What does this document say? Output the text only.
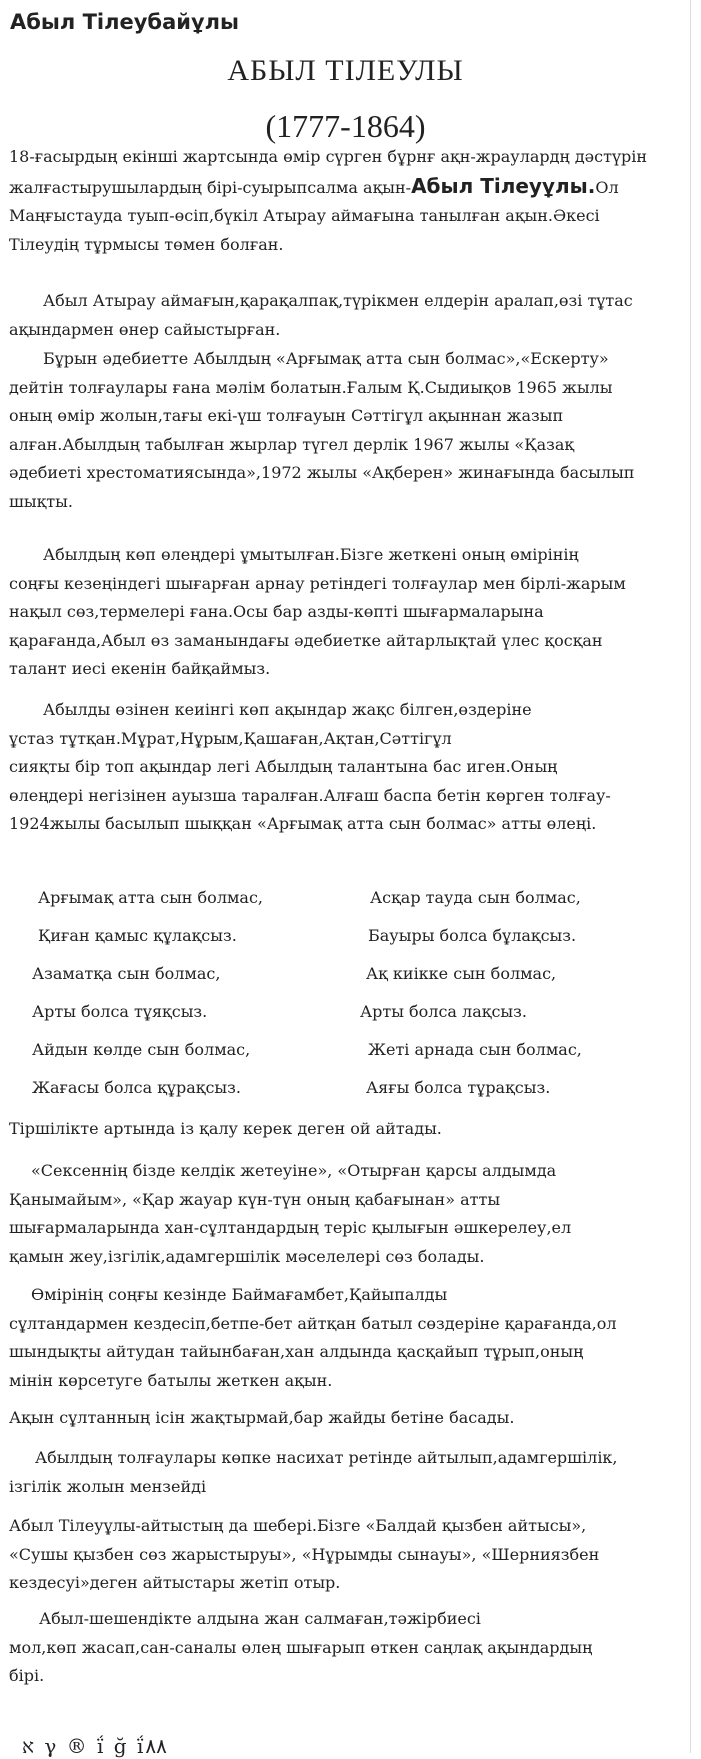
Абыл Тілеубайұлы
АБЫЛ ТІЛЕУЛЫ
(1777-1864)

18-ғасырдың екінші жартсында өмір сүрген бұрнғ ақн-жраулардң дәстүрін
жалғастырушылардың бірі-суырыпсалма ақын-Абыл Тілеуұлы.Ол
Маңғыстауда туып-өсіп,бүкіл Атырау аймағына танылған ақын.Әкесі
Тілеудің тұрмысы төмен болған.

Абыл Атырау аймағын,қарақалпақ,түрікмен елдерін аралап,өзі тұтас
ақындармен өнер сайыстырған.

Бұрын әдебиетте Абылдың «Арғымақ атта сын болмас»,«Ескерту»
дейтін толғаулары ғана мәлім болатын.Ғалым Қ.Сыдиықов 1965 жылы
оның өмір жолын,тағы екі-үш толғауын Сәттігұл ақыннан жазып
алған.Абылдың табылған жырлар түгел дерлік 1967 жылы «Қазақ
әдебиеті хрестоматиясында»,1972 жылы «Ақберен» жинағында басылып
шықты.

Абылдың көп өлеңдері ұмытылған.Бізге жеткені оның өмірінің
соңғы кезеңіндегі шығарған арнау ретіндегі толғаулар мен бірлі-жарым
нақыл сөз,термелері ғана.Осы бар азды-көпті шығармаларына
қарағанда,Абыл өз заманындағы әдебиетке айтарлықтай үлес қосқан
талант иесі екенін байқаймыз.

Абылды өзінен кеиінгі көп ақындар жақс білген,өздеріне
ұстаз тұтқан.Мұрат,Нұрым,Қашаған,Ақтан,Сәттігұл
сияқты бір топ ақындар легі Абылдың талантына бас иген.Оның
өлеңдері негізінен ауызша таралған.Алғаш баспа бетін көрген толғау-
1924жылы басылып шыққан «Арғымақ атта сын болмас» атты өлеңі.

Арғымақ атта сын болмас,
Қиған қамыс құлақсыз.
Азаматқа сын болмас,
Арты болса тұяқсыз.
Айдын көлде сын болмас,
Жағасы болса құрақсыз.
Асқар тауда сын болмас,
Бауыры болса бұлақсыз.
Ақ киікке сын болмас,
Арты болса лақсыз.
Жеті арнада сын болмас,
Аяғы болса тұрақсыз.

Тіршілікте артында із қалу керек деген ой айтады.

«Сексеннің бізде келдік жетеуіне», «Отырған қарсы алдымда
Қанымайым», «Қар жауар күн-түн оның қабағынан» атты
шығармаларында хан-сұлтандардың теріс қылығын әшкерелеу,ел
қамын жеу,ізгілік,адамгершілік мәселелері сөз болады.

Өмірінің соңғы кезінде Баймағамбет,Қайыпалды
сұлтандармен кездесіп,бетпе-бет айтқан батыл сөздеріне қарағанда,ол
шындықты айтудан тайынбаған,хан алдында қасқайып тұрып,оның
мінін көрсетуге батылы жеткен ақын.

Ақын сұлтанның ісін жақтырмай,бар жайды бетіне басады.

Абылдың толғаулары көпке насихат ретінде айтылып,адамгершілік,
ізгілік жолын мензейді

Абыл Тілеуұлы-айтыстың да шебері.Бізге «Балдай қызбен айтысы»,
«Сушы қызбен сөз жарыстыруы», «Нұрымды сынауы», «Шерниязбен
кездесуі»деген айтыстары жетіп отыр.

Абыл-шешендікте алдына жан салмаған,тәжірбиесі
мол,көп жасап,сан-саналы өлең шығарып өткен саңлақ ақындардың
бірі.

ﬡ γ ® ḯ ğ ḯ٨٨
